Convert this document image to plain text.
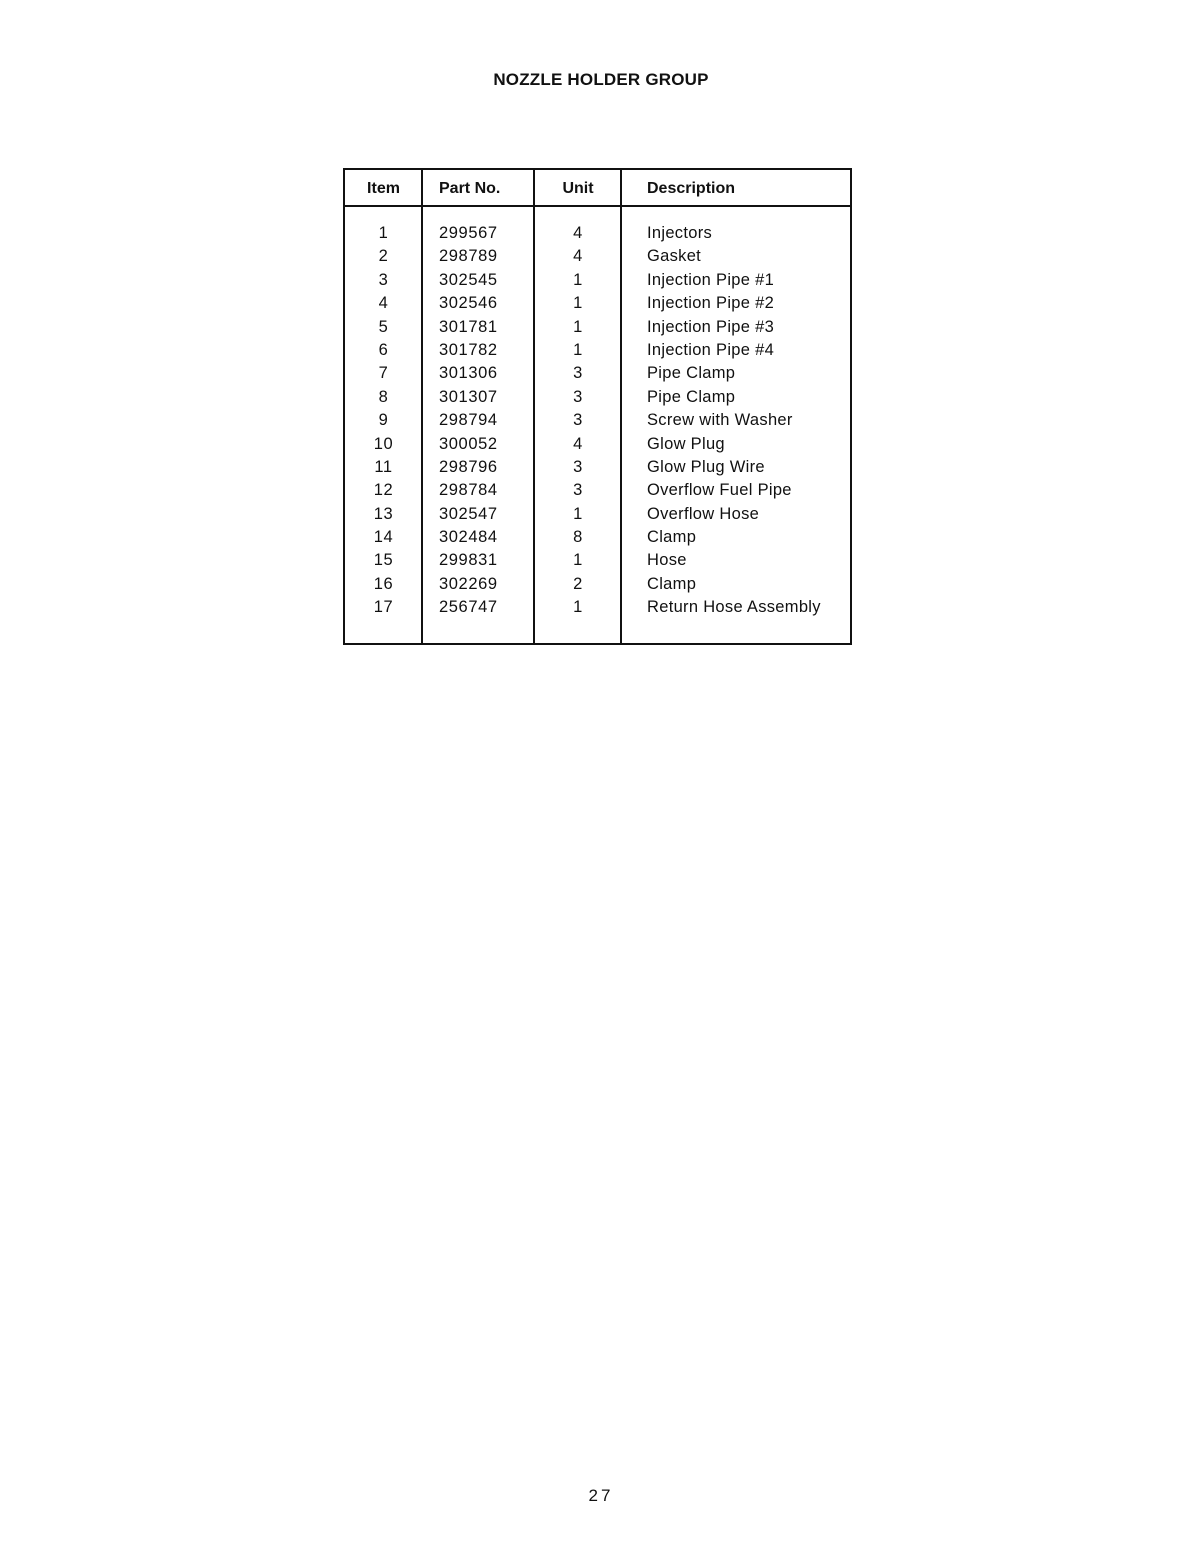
NOZZLE HOLDER GROUP
Item	Part No.	Unit	Description
1	299567	4	Injectors
2	298789	4	Gasket
3	302545	1	Injection Pipe #1
4	302546	1	Injection Pipe #2
5	301781	1	Injection Pipe #3
6	301782	1	Injection Pipe #4
7	301306	3	Pipe Clamp
8	301307	3	Pipe Clamp
9	298794	3	Screw with Washer
10	300052	4	Glow Plug
11	298796	3	Glow Plug Wire
12	298784	3	Overflow Fuel Pipe
13	302547	1	Overflow Hose
14	302484	8	Clamp
15	299831	1	Hose
16	302269	2	Clamp
17	256747	1	Return Hose Assembly
27
